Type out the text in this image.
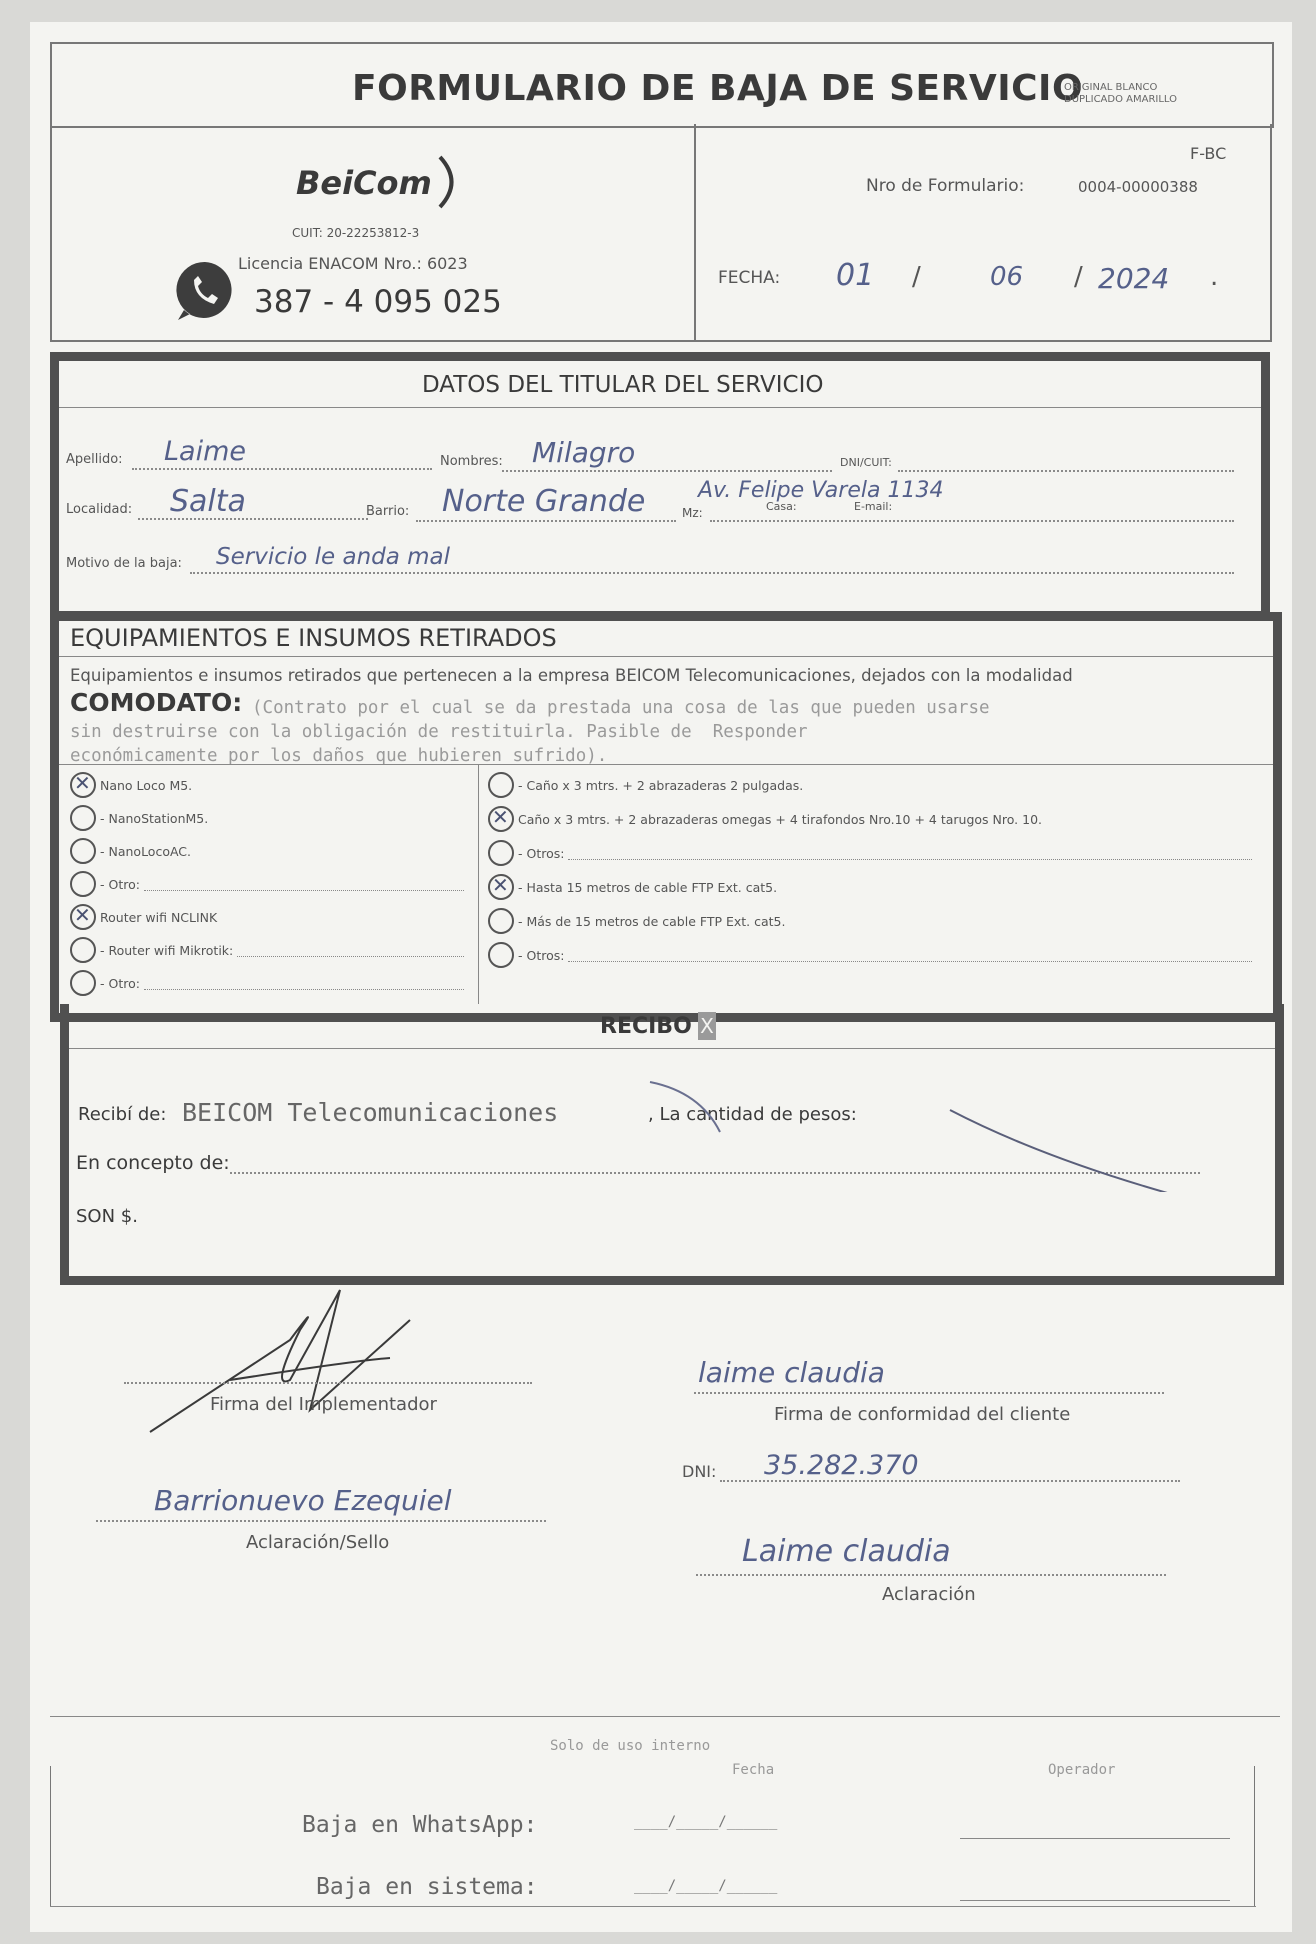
FORMULARIO DE BAJA DE SERVICIO
ORIGINAL BLANCO
DUPLICADO AMARILLO
BeiCom
CUIT: 20-22253812-3
Licencia ENACOM Nro.: 6023
387 - 4 095 025
F-BC
Nro de Formulario:	0004-00000388
FECHA: 01 /	06 / 2024 .
DATOS DEL TITULAR DEL SERVICIO
Apellido: Laime	Nombres: Milagro	DNI/CUIT:
Localidad: Salta	Barrio: Norte Grande	Mz:	Casa:	E-mail:
Av. Felipe Varela 1134
Motivo de la baja: Servicio le anda mal
EQUIPAMIENTOS E INSUMOS RETIRADOS
Equipamientos e insumos retirados que pertenecen a la empresa BEICOM Telecomunicaciones, dejados con la modalidad
COMODATO: (Contrato por el cual se da prestada una cosa de las que pueden usarse
sin destruirse con la obligación de restituirla. Pasible de  Responder
económicamente por los daños que hubieren sufrido).
✕
Nano Loco M5.
- NanoStationM5.
- NanoLocoAC.
- Otro:
✕
Router wifi NCLINK
- Router wifi Mikrotik:
- Otro:
- Caño x 3 mtrs. + 2 abrazaderas 2 pulgadas.
✕
Caño x 3 mtrs. + 2 abrazaderas omegas + 4 tirafondos Nro.10 + 4 tarugos Nro. 10.
- Otros:
✕
- Hasta 15 metros de cable FTP Ext. cat5.
- Más de 15 metros de cable FTP Ext. cat5.
- Otros:
RECIBO X
Recibí de: BEICOM Telecomunicaciones	, La cantidad de pesos:
En concepto de:
SON $.
Firma del Implementador
Barrionuevo Ezequiel
Aclaración/Sello
laime claudia
Firma de conformidad del cliente
DNI: 35.282.370
Laime claudia
Aclaración
Solo de uso interno
Fecha	Operador
Baja en WhatsApp:	____/_____/______
Baja en sistema:	____/_____/______
